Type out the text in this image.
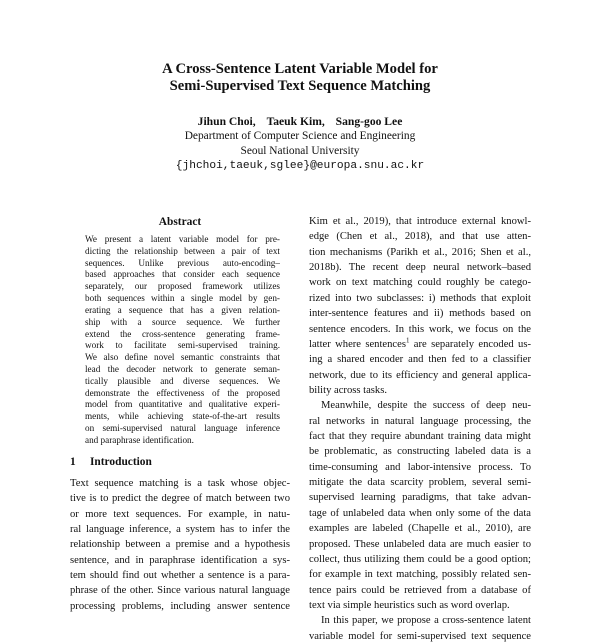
A Cross-Sentence Latent Variable Model for
Semi-Supervised Text Sequence Matching
Jihun Choi, Taeuk Kim, Sang-goo Lee
Department of Computer Science and Engineering
Seoul National University
{jhchoi,taeuk,sglee}@europa.snu.ac.kr
Abstract
We present a latent variable model for pre-
dicting the relationship between a pair of text
sequences. Unlike previous auto-encoding–
based approaches that consider each sequence
separately, our proposed framework utilizes
both sequences within a single model by gen-
erating a sequence that has a given relation-
ship with a source sequence. We further
extend the cross-sentence generating frame-
work to facilitate semi-supervised training.
We also define novel semantic constraints that
lead the decoder network to generate seman-
tically plausible and diverse sequences. We
demonstrate the effectiveness of the proposed
model from quantitative and qualitative experi-
ments, while achieving state-of-the-art results
on semi-supervised natural language inference
and paraphrase identification.
1 Introduction
Text sequence matching is a task whose objec-
tive is to predict the degree of match between two
or more text sequences. For example, in natu-
ral language inference, a system has to infer the
relationship between a premise and a hypothesis
sentence, and in paraphrase identification a sys-
tem should find out whether a sentence is a para-
phrase of the other. Since various natural language
processing problems, including answer sentence
Kim et al., 2019), that introduce external knowl-
edge (Chen et al., 2018), and that use atten-
tion mechanisms (Parikh et al., 2016; Shen et al.,
2018b). The recent deep neural network–based
work on text matching could roughly be catego-
rized into two subclasses: i) methods that exploit
inter-sentence features and ii) methods based on
sentence encoders. In this work, we focus on the
latter where sentences$^1$ are separately encoded us-
ing a shared encoder and then fed to a classifier
network, due to its efficiency and general applica-
bility across tasks.
Meanwhile, despite the success of deep neu-
ral networks in natural language processing, the
fact that they require abundant training data might
be problematic, as constructing labeled data is a
time-consuming and labor-intensive process. To
mitigate the data scarcity problem, several semi-
supervised learning paradigms, that take advan-
tage of unlabeled data when only some of the data
examples are labeled (Chapelle et al., 2010), are
proposed. These unlabeled data are much easier to
collect, thus utilizing them could be a good option;
for example in text matching, possibly related sen-
tence pairs could be retrieved from a database of
text via simple heuristics such as word overlap.
In this paper, we propose a cross-sentence latent
variable model for semi-supervised text sequence
